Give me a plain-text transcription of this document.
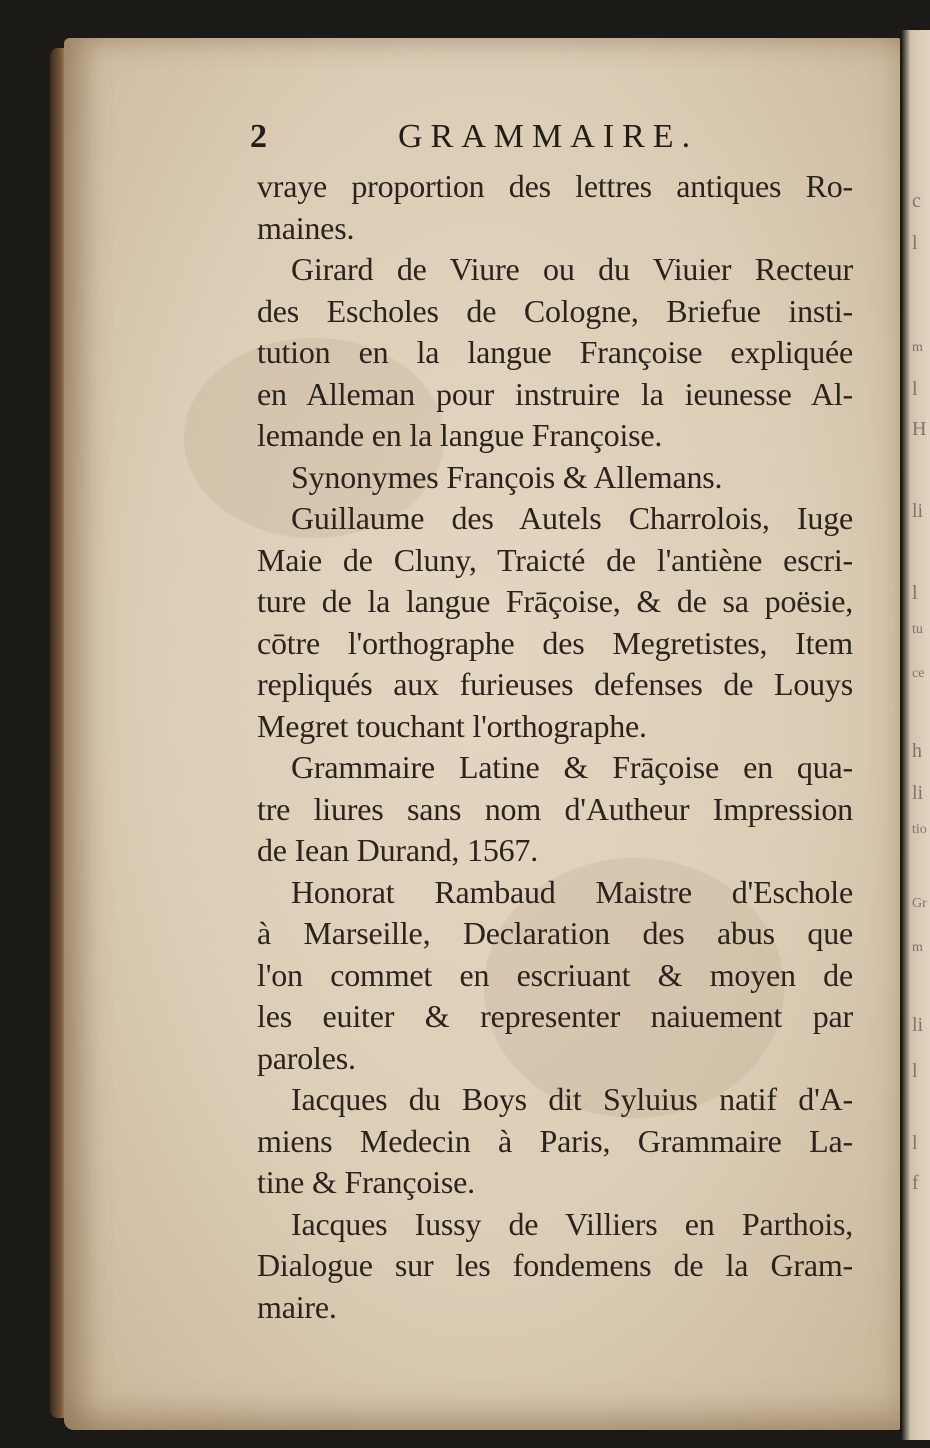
c
l
m
l
H
li
l
tu
ce
h
li
tio
Gr
m
li
l
l
f
2	GRAMMAIRE.
vraye proportion des lettres antiques Ro-
maines.
Girard de Viure ou du Viuier Recteur
des Escholes de Cologne, Briefue insti-
tution en la langue Françoise expliquée
en Alleman pour instruire la ieunesse Al-
lemande en la langue Françoise.
Synonymes François & Allemans.
Guillaume des Autels Charrolois, Iuge
Maie de Cluny, Traicté de l'antiène escri-
ture de la langue Frāçoise, & de sa poësie,
cōtre l'orthographe des Megretistes, Item
repliqués aux furieuses defenses de Louys
Megret touchant l'orthographe.
Grammaire Latine & Frāçoise en qua-
tre liures sans nom d'Autheur Impression
de Iean Durand, 1567.
Honorat Rambaud Maistre d'Eschole
à Marseille, Declaration des abus que
l'on commet en escriuant & moyen de
les euiter & representer naiuement par
paroles.
Iacques du Boys dit Syluius natif d'A-
miens Medecin à Paris, Grammaire La-
tine & Françoise.
Iacques Iussy de Villiers en Parthois,
Dialogue sur les fondemens de la Gram-
maire.
